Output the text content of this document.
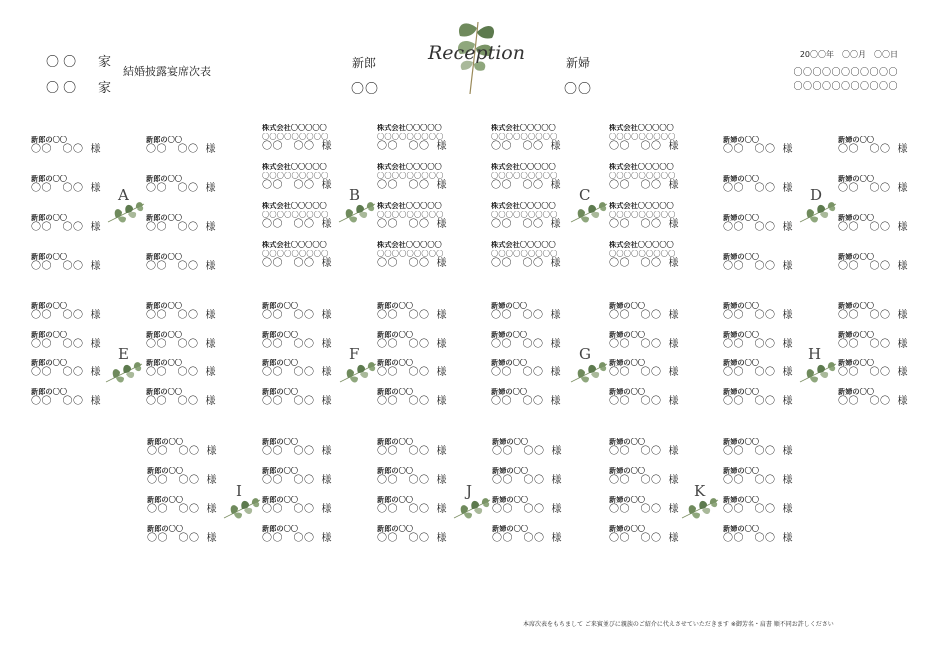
〇 〇 家
〇 〇 家
結婚披露宴席次表
新郎
〇〇
新婦
〇〇
Reception	20〇〇年　〇〇月　〇〇日
〇〇〇〇〇〇〇〇〇〇〇
〇〇〇〇〇〇〇〇〇〇〇
新郎の〇〇
〇〇　〇〇 様
新郎の〇〇
〇〇　〇〇 様
新郎の〇〇
〇〇　〇〇 様
新郎の〇〇
〇〇　〇〇 様
新郎の〇〇
〇〇　〇〇 様
新郎の〇〇
〇〇　〇〇 様
新郎の〇〇
〇〇　〇〇 様
新郎の〇〇
〇〇　〇〇 様
A
株式会社〇〇〇〇〇
〇〇〇〇〇〇〇〇〇
〇〇　〇〇 様
株式会社〇〇〇〇〇
〇〇〇〇〇〇〇〇〇
〇〇　〇〇 様
株式会社〇〇〇〇〇
〇〇〇〇〇〇〇〇〇
〇〇　〇〇 様
株式会社〇〇〇〇〇
〇〇〇〇〇〇〇〇〇
〇〇　〇〇 様
株式会社〇〇〇〇〇
〇〇〇〇〇〇〇〇〇
〇〇　〇〇 様
株式会社〇〇〇〇〇
〇〇〇〇〇〇〇〇〇
〇〇　〇〇 様
株式会社〇〇〇〇〇
〇〇〇〇〇〇〇〇〇
〇〇　〇〇 様
株式会社〇〇〇〇〇
〇〇〇〇〇〇〇〇〇
〇〇　〇〇 様
B
株式会社〇〇〇〇〇
〇〇〇〇〇〇〇〇〇
〇〇　〇〇 様
株式会社〇〇〇〇〇
〇〇〇〇〇〇〇〇〇
〇〇　〇〇 様
株式会社〇〇〇〇〇
〇〇〇〇〇〇〇〇〇
〇〇　〇〇 様
株式会社〇〇〇〇〇
〇〇〇〇〇〇〇〇〇
〇〇　〇〇 様
株式会社〇〇〇〇〇
〇〇〇〇〇〇〇〇〇
〇〇　〇〇 様
株式会社〇〇〇〇〇
〇〇〇〇〇〇〇〇〇
〇〇　〇〇 様
株式会社〇〇〇〇〇
〇〇〇〇〇〇〇〇〇
〇〇　〇〇 様
株式会社〇〇〇〇〇
〇〇〇〇〇〇〇〇〇
〇〇　〇〇 様
C
新婦の〇〇
〇〇　〇〇 様
新婦の〇〇
〇〇　〇〇 様
新婦の〇〇
〇〇　〇〇 様
新婦の〇〇
〇〇　〇〇 様
新婦の〇〇
〇〇　〇〇 様
新婦の〇〇
〇〇　〇〇 様
新婦の〇〇
〇〇　〇〇 様
新婦の〇〇
〇〇　〇〇 様
D
新郎の〇〇
〇〇　〇〇 様
新郎の〇〇
〇〇　〇〇 様
新郎の〇〇
〇〇　〇〇 様
新郎の〇〇
〇〇　〇〇 様
新郎の〇〇
〇〇　〇〇 様
新郎の〇〇
〇〇　〇〇 様
新郎の〇〇
〇〇　〇〇 様
新郎の〇〇
〇〇　〇〇 様
E
新郎の〇〇
〇〇　〇〇 様
新郎の〇〇
〇〇　〇〇 様
新郎の〇〇
〇〇　〇〇 様
新郎の〇〇
〇〇　〇〇 様
新郎の〇〇
〇〇　〇〇 様
新郎の〇〇
〇〇　〇〇 様
新郎の〇〇
〇〇　〇〇 様
新郎の〇〇
〇〇　〇〇 様
F
新婦の〇〇
〇〇　〇〇 様
新婦の〇〇
〇〇　〇〇 様
新婦の〇〇
〇〇　〇〇 様
新婦の〇〇
〇〇　〇〇 様
新婦の〇〇
〇〇　〇〇 様
新婦の〇〇
〇〇　〇〇 様
新婦の〇〇
〇〇　〇〇 様
新婦の〇〇
〇〇　〇〇 様
G
新婦の〇〇
〇〇　〇〇 様
新婦の〇〇
〇〇　〇〇 様
新婦の〇〇
〇〇　〇〇 様
新婦の〇〇
〇〇　〇〇 様
新婦の〇〇
〇〇　〇〇 様
新婦の〇〇
〇〇　〇〇 様
新婦の〇〇
〇〇　〇〇 様
新婦の〇〇
〇〇　〇〇 様
H
新郎の〇〇
〇〇　〇〇 様
新郎の〇〇
〇〇　〇〇 様
新郎の〇〇
〇〇　〇〇 様
新郎の〇〇
〇〇　〇〇 様
新郎の〇〇
〇〇　〇〇 様
新郎の〇〇
〇〇　〇〇 様
新郎の〇〇
〇〇　〇〇 様
新郎の〇〇
〇〇　〇〇 様
I
新郎の〇〇
〇〇　〇〇 様
新郎の〇〇
〇〇　〇〇 様
新郎の〇〇
〇〇　〇〇 様
新郎の〇〇
〇〇　〇〇 様
新婦の〇〇
〇〇　〇〇 様
新婦の〇〇
〇〇　〇〇 様
新婦の〇〇
〇〇　〇〇 様
新婦の〇〇
〇〇　〇〇 様
J
新婦の〇〇
〇〇　〇〇 様
新婦の〇〇
〇〇　〇〇 様
新婦の〇〇
〇〇　〇〇 様
新婦の〇〇
〇〇　〇〇 様
新婦の〇〇
〇〇　〇〇 様
新婦の〇〇
〇〇　〇〇 様
新婦の〇〇
〇〇　〇〇 様
新婦の〇〇
〇〇　〇〇 様
K
本席次表をもちまして ご来賓並びに親族のご紹介に代えさせていただきます ※御芳名・肩書 順不同お許しください
